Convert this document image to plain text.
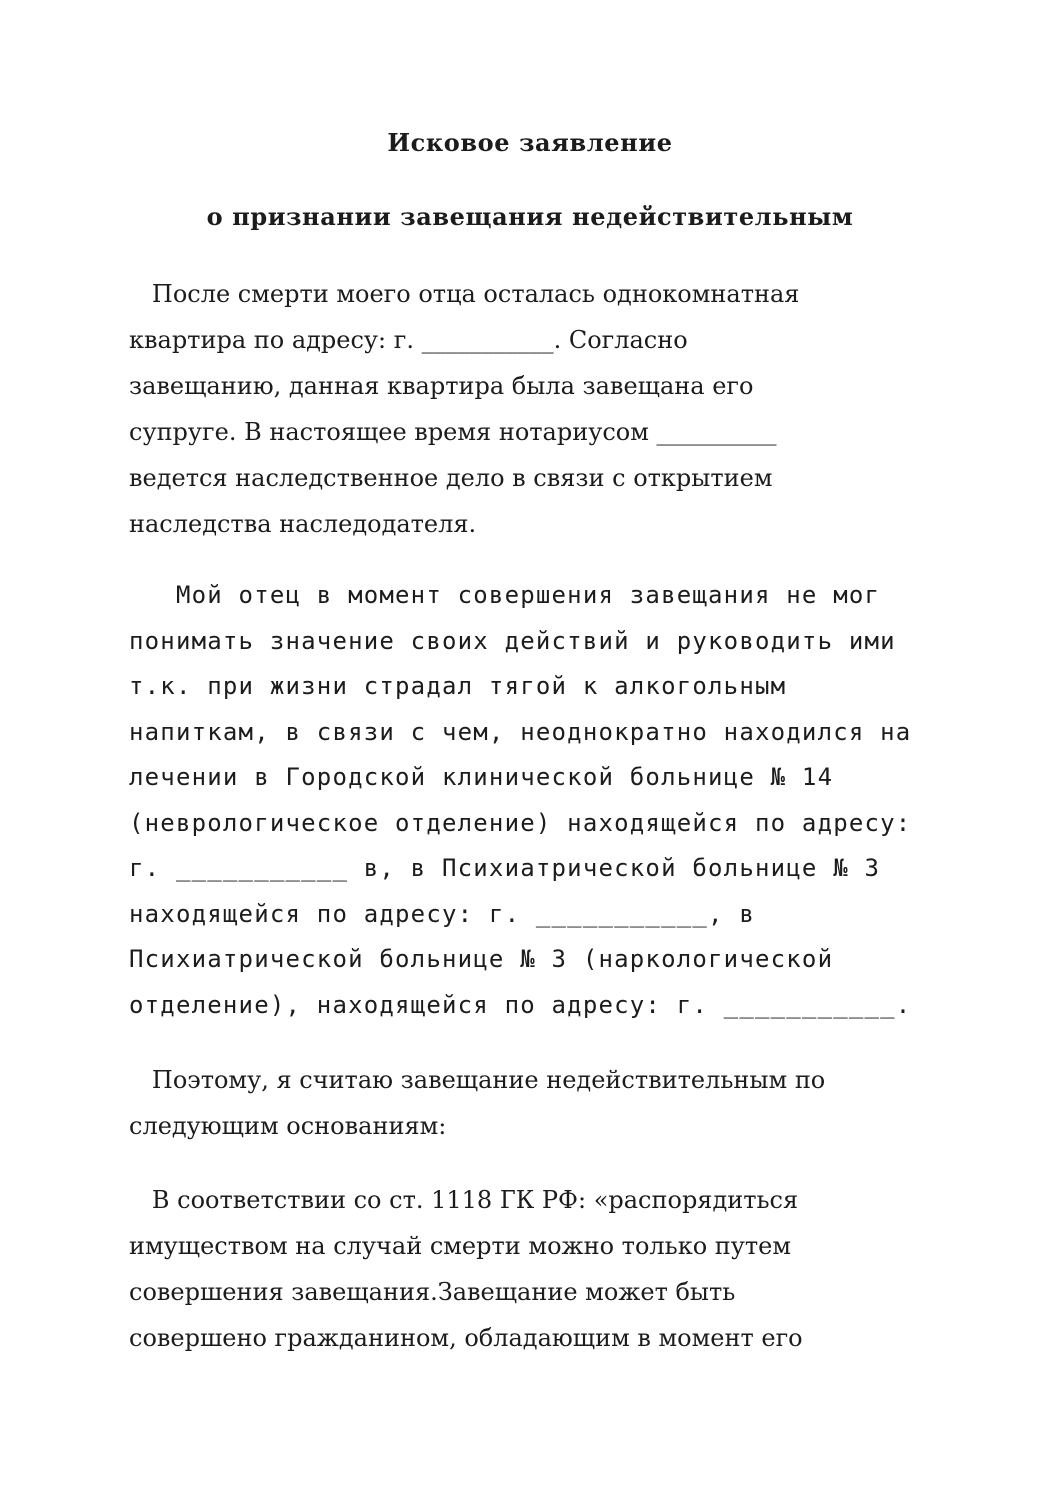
Исковое заявление
о признании завещания недействительным
После смерти моего отца осталась однокомнатная
квартира по адресу: г. ___________. Согласно
завещанию, данная квартира была завещана его
супруге. В настоящее время нотариусом __________
ведется наследственное дело в связи с открытием
наследства наследодателя.
Мой отец в момент совершения завещания не мог
понимать значение своих действий и руководить ими
т.к. при жизни страдал тягой к алкогольным
напиткам, в связи с чем, неоднократно находился на
лечении в Городской клинической больнице № 14
(неврологическое отделение) находящейся по адресу:
г. ___________ в, в Психиатрической больнице № 3
находящейся по адресу: г. ___________, в
Психиатрической больнице № 3 (наркологической
отделение), находящейся по адресу: г. ___________.
Поэтому, я считаю завещание недействительным по
следующим основаниям:
В соответствии со ст. 1118 ГК РФ: «распорядиться
имуществом на случай смерти можно только путем
совершения завещания.Завещание может быть
совершено гражданином, обладающим в момент его
